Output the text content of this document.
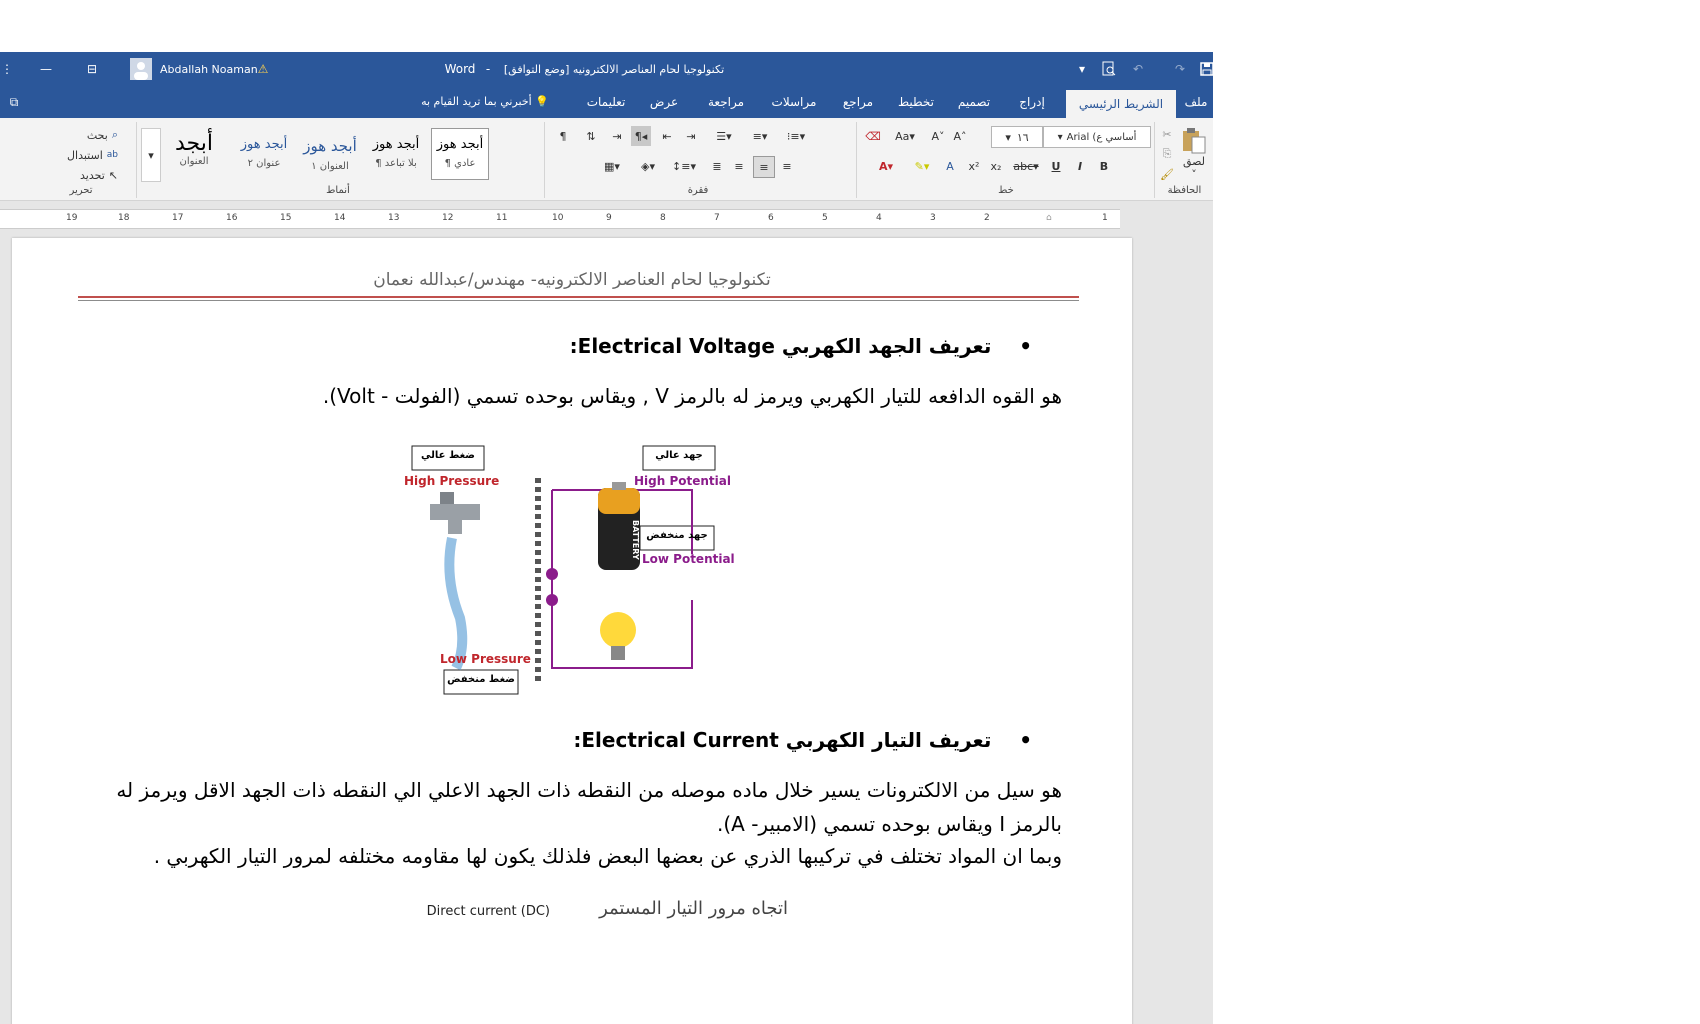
⋮	—	⊟	Abdallah Noaman ⚠	Word -	تكنولوجيا لحام العناصر الالكترونيه [وضع التوافق]	▾	↶	↷
⧉	💡 أخبرني بما تريد القيام به	تعليمات	عرض	مراجعة	مراسلات	مراجع	تخطيط	تصميم	إدراج	الشريط الرئيسي	ملف
بحث ⌕
استبدال ab
تحديد ↖
تحرير
▾ أبجد
العنوان
أبجد هوز
عنوان ٢
أبجد هوز
العنوان ١
أبجد هوز
¶ بلا تباعد
أبجد هوز
¶ عادي
أنماط
¶	⇅	⇥	¶◂	⇤	⇥	☰▾	≡▾	⁝≡▾
▦▾	◈▾	↕≡▾	≣	≡	≡	≡
فقرة
⌫	Aa▾	A˅ A˄	▾ ١٦	▾ Arial (أساسي ع
A▾	✎▾	A	x²	x₂	abc▾	U	I	B
خط
✂
⎘
🖌
لصق
˅
الحافظة
1
⌂
2
3
4
5
6
7
8
9
10
11
12
13
14
15
16
17
18
19
تكنولوجيا لحام العناصر الالكترونيه- مهندس/عبدالله نعمان
•    تعريف الجهد الكهربي Electrical Voltage:
هو القوه الدافعه للتيار الكهربي ويرمز له بالرمز V , ويقاس بوحده تسمي (الفولت - Volt).
ضغط عالي	جهد عالي
جهد منخفض
ضغط منخفض
High Pressure	High Potential
Low Potential
Low Pressure
BATTERY
•    تعريف التيار الكهربي Electrical Current:
هو سيل من الالكترونات يسير خلال ماده موصله من النقطه ذات الجهد الاعلي الي النقطه ذات الجهد الاقل ويرمز له
بالرمز I ويقاس بوحده تسمي (الامبير- A).
وبما ان المواد تختلف في تركيبها الذري عن بعضها البعض فلذلك يكون لها مقاومه مختلفه لمرور التيار الكهربي .
اتجاه مرور التيار المستمر
Direct current (DC)
